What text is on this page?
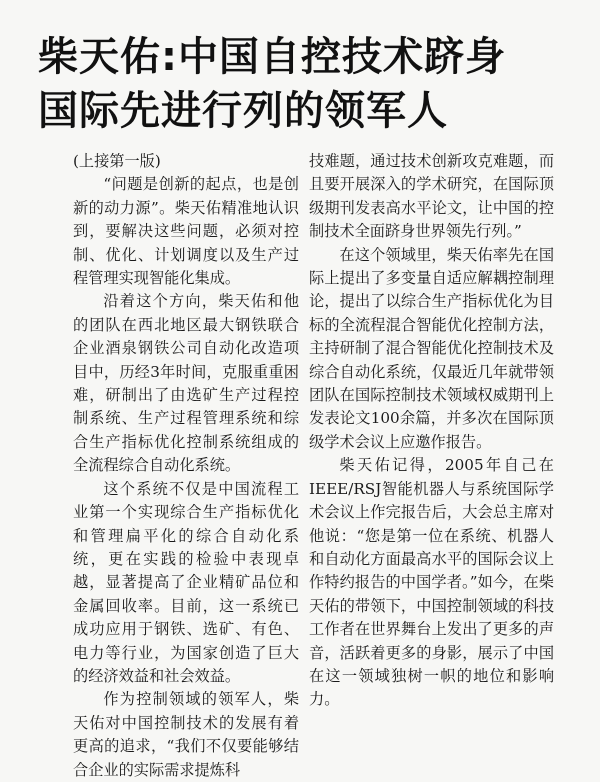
柴天佑:中国自控技术跻身
国际先进行列的领军人

(上接第一版)

“问题是创新的起点，也是创新的动力源”。柴天佑精准地认识到，要解决这些问题，必须对控制、优化、计划调度以及生产过程管理实现智能化集成。

沿着这个方向，柴天佑和他的团队在西北地区最大钢铁联合企业酒泉钢铁公司自动化改造项目中，历经3年时间，克服重重困难，研制出了由选矿生产过程控制系统、生产过程管理系统和综合生产指标优化控制系统组成的全流程综合自动化系统。

这个系统不仅是中国流程工业第一个实现综合生产指标优化和管理扁平化的综合自动化系统，更在实践的检验中表现卓越，显著提高了企业精矿品位和金属回收率。目前，这一系统已成功应用于钢铁、选矿、有色、电力等行业，为国家创造了巨大的经济效益和社会效益。

作为控制领域的领军人，柴天佑对中国控制技术的发展有着更高的追求，“我们不仅要能够结合企业的实际需求提炼科

技难题，通过技术创新攻克难题，而且要开展深入的学术研究，在国际顶级期刊发表高水平论文，让中国的控制技术全面跻身世界领先行列。”

在这个领域里，柴天佑率先在国际上提出了多变量自适应解耦控制理论，提出了以综合生产指标优化为目标的全流程混合智能优化控制方法，主持研制了混合智能优化控制技术及综合自动化系统，仅最近几年就带领团队在国际控制技术领域权威期刊上发表论文100余篇，并多次在国际顶级学术会议上应邀作报告。

柴天佑记得，2005年自己在IEEE/RSJ智能机器人与系统国际学术会议上作完报告后，大会总主席对他说：“您是第一位在系统、机器人和自动化方面最高水平的国际会议上作特约报告的中国学者。”如今，在柴天佑的带领下，中国控制领域的科技工作者在世界舞台上发出了更多的声音，活跃着更多的身影，展示了中国在这一领域独树一帜的地位和影响力。
